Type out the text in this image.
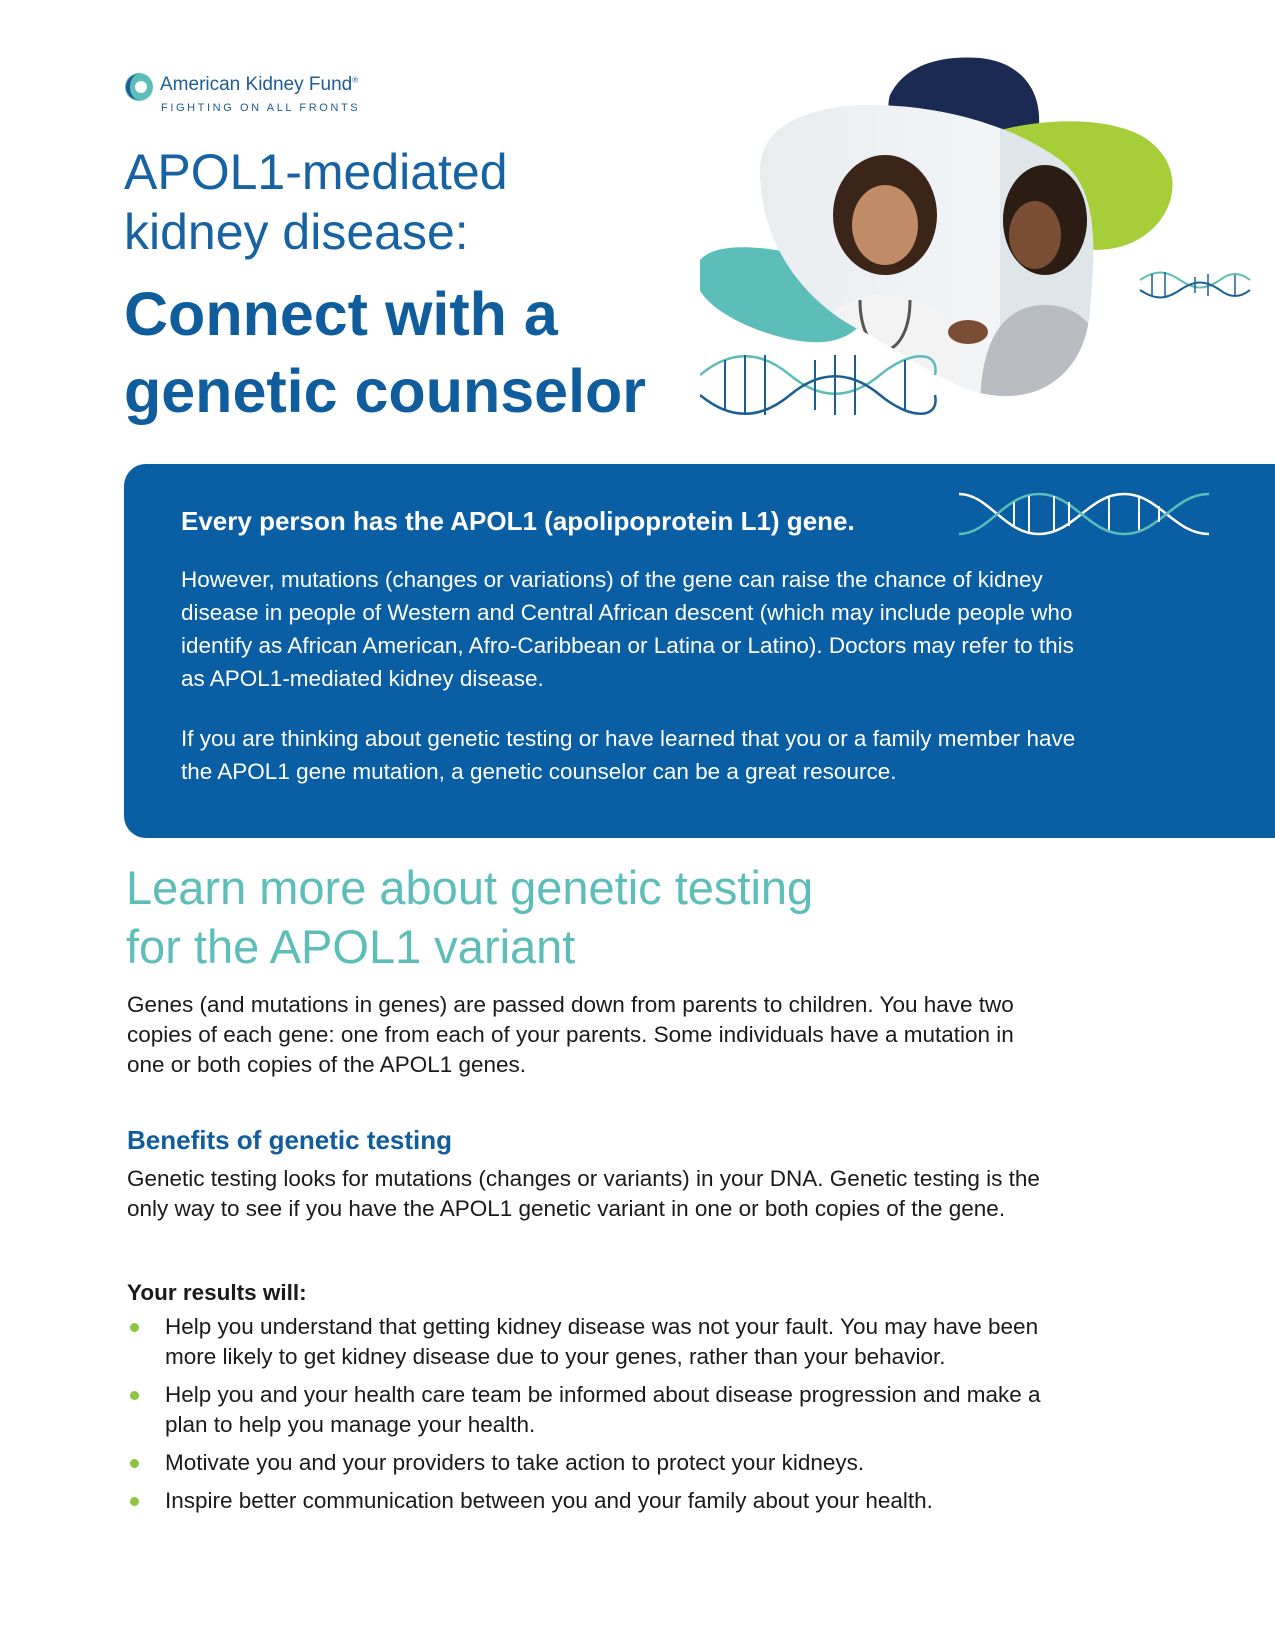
American Kidney Fund®
FIGHTING ON ALL FRONTS
APOL1-mediated
kidney disease:
Connect with a
genetic counselor
Every person has the APOL1 (apolipoprotein L1) gene.
However, mutations (changes or variations) of the gene can raise the chance of kidney disease in people of Western and Central African descent (which may include people who identify as African American, Afro-Caribbean or Latina or Latino). Doctors may refer to this as APOL1-mediated kidney disease.
If you are thinking about genetic testing or have learned that you or a family member have the APOL1 gene mutation, a genetic counselor can be a great resource.
Learn more about genetic testing
for the APOL1 variant
Genes (and mutations in genes) are passed down from parents to children. You have two copies of each gene: one from each of your parents. Some individuals have a mutation in one or both copies of the APOL1 genes.
Benefits of genetic testing
Genetic testing looks for mutations (changes or variants) in your DNA. Genetic testing is the only way to see if you have the APOL1 genetic variant in one or both copies of the gene.
Your results will:
Help you understand that getting kidney disease was not your fault. You may have been more likely to get kidney disease due to your genes, rather than your behavior.
Help you and your health care team be informed about disease progression and make a plan to help you manage your health.
Motivate you and your providers to take action to protect your kidneys.
Inspire better communication between you and your family about your health.
